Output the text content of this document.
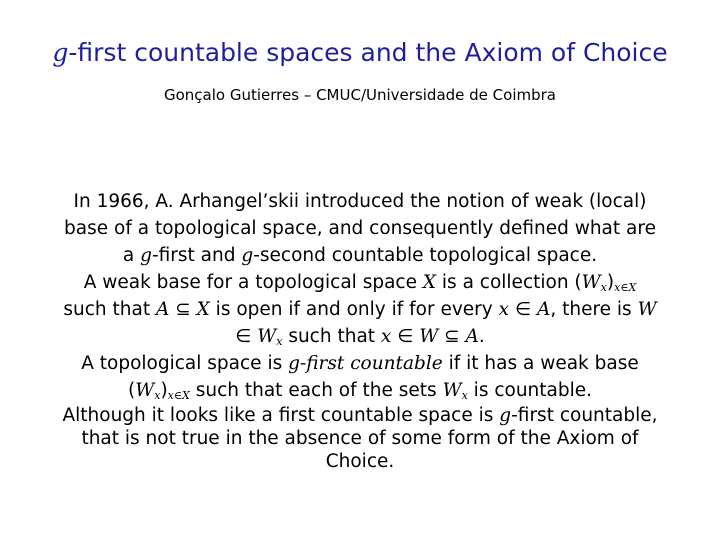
g-first countable spaces and the Axiom of Choice
Gonçalo Gutierres – CMUC/Universidade de Coimbra

In 1966, A. Arhangel’skii introduced the notion of weak (local) base of a topological space, and consequently defined what are a g-first and g-second countable topological space.

A weak base for a topological space X is a collection $(W_x)_{x\in X}$ such that A ⊆ X is open if and only if for every x ∈ A, there is W ∈ $W_x$ such that x ∈ W ⊆ A.

A topological space is g-first countable if it has a weak base $(W_x)_{x\in X}$ such that each of the sets $W_x$ is countable.

Although it looks like a first countable space is g-first countable, that is not true in the absence of some form of the Axiom of Choice.
